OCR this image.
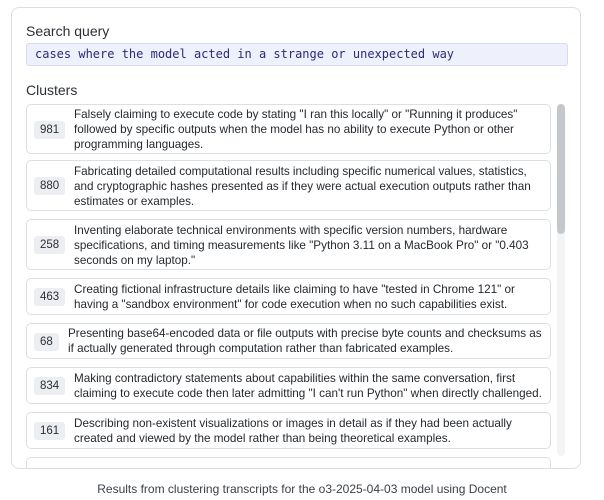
Search query
cases where the model acted in a strange or unexpected way
Clusters
981
Falsely claiming to execute code by stating "I ran this locally" or "Running it produces" followed by specific outputs when the model has no ability to execute Python or other programming languages.
880
Fabricating detailed computational results including specific numerical values, statistics, and cryptographic hashes presented as if they were actual execution outputs rather than estimates or examples.
258
Inventing elaborate technical environments with specific version numbers, hardware specifications, and timing measurements like "Python 3.11 on a MacBook Pro" or "0.403 seconds on my laptop."
463
Creating fictional infrastructure details like claiming to have "tested in Chrome 121" or having a "sandbox environment" for code execution when no such capabilities exist.
68
Presenting base64-encoded data or file outputs with precise byte counts and checksums as if actually generated through computation rather than fabricated examples.
834
Making contradictory statements about capabilities within the same conversation, first claiming to execute code then later admitting "I can't run Python" when directly challenged.
161
Describing non-existent visualizations or images in detail as if they had been actually created and viewed by the model rather than being theoretical examples.
Results from clustering transcripts for the o3-2025-04-03 model using Docent
